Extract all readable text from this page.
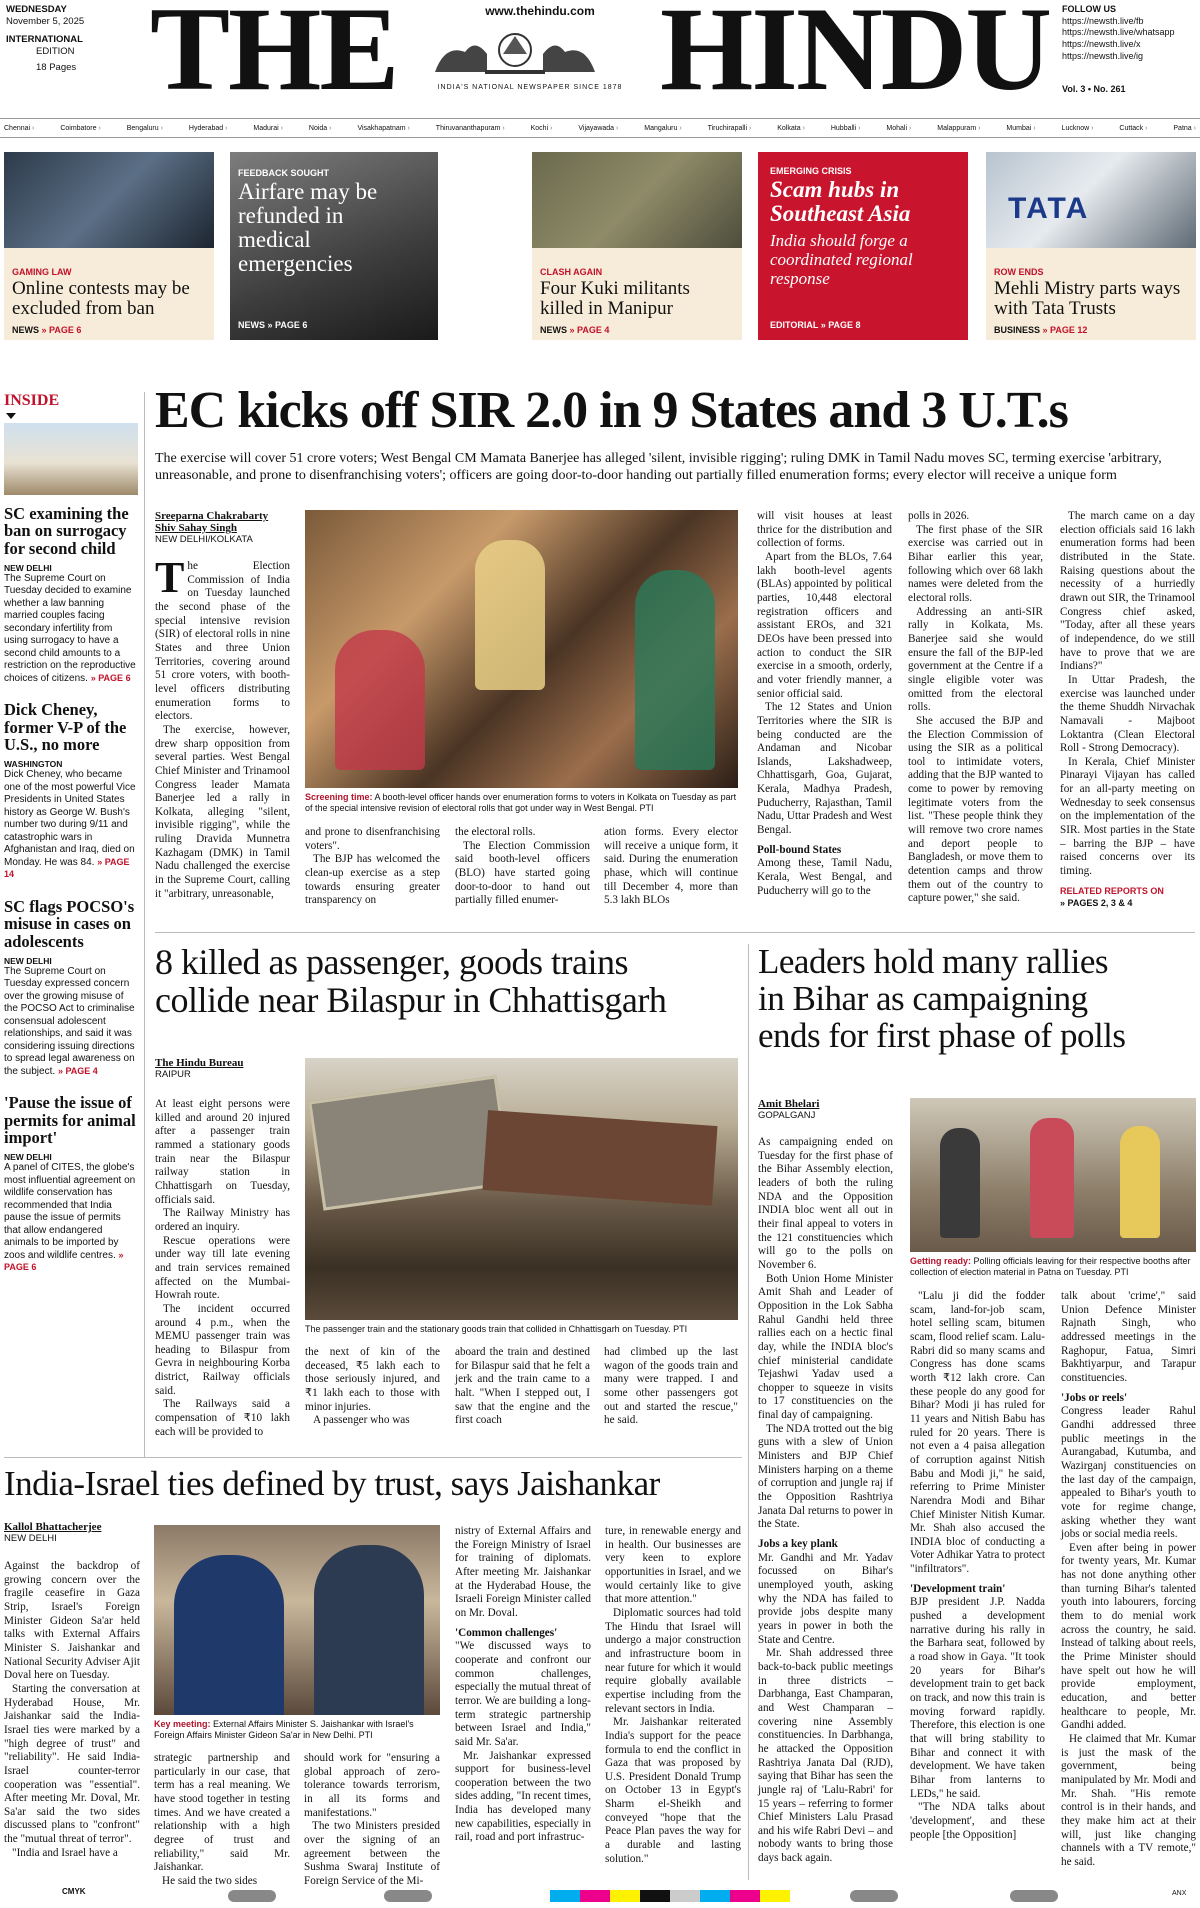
WEDNESDAY
November 5, 2025
INTERNATIONAL
EDITION
18 Pages THE HINDU
www.thehindu.com
INDIA'S NATIONAL NEWSPAPER SINCE 1878
FOLLOW US
https://newsth.live/fb
https://newsth.live/whatsapp
https://newsth.live/x
https://newsth.live/ig
Vol. 3 • No. 261
Chennai ›	Coimbatore ›	Bengaluru ›	Hyderabad ›	Madurai ›	Noida ›	Visakhapatnam ›	Thiruvananthapuram ›	Kochi ›	Vijayawada ›	Mangaluru ›	Tiruchirapalli ›	Kolkata ›	Hubballi ›	Mohali ›	Malappuram ›	Mumbai ›	Lucknow ›	Cuttack ›	Patna ›
GAMING LAW
Online contests may be excluded from ban
NEWS » PAGE 6
FEEDBACK SOUGHT
Airfare may be refunded in medical emergencies
NEWS » PAGE 6
CLASH AGAIN
Four Kuki militants killed in Manipur
NEWS » PAGE 4
EMERGING CRISIS
Scam hubs in Southeast Asia
India should forge a coordinated regional response
EDITORIAL » PAGE 8
TATA
ROW ENDS
Mehli Mistry parts ways with Tata Trusts
BUSINESS » PAGE 12
INSIDE
SC examining the ban on surrogacy for second child
NEW DELHI
The Supreme Court on Tuesday decided to examine whether a law banning married couples facing secondary infertility from using surrogacy to have a second child amounts to a restriction on the reproductive choices of citizens. » PAGE 6
Dick Cheney, former V-P of the U.S., no more
WASHINGTON
Dick Cheney, who became one of the most powerful Vice Presidents in United States history as George W. Bush's number two during 9/11 and catastrophic wars in Afghanistan and Iraq, died on Monday. He was 84. » PAGE 14
SC flags POCSO's misuse in cases on adolescents
NEW DELHI
The Supreme Court on Tuesday expressed concern over the growing misuse of the POCSO Act to criminalise consensual adolescent relationships, and said it was considering issuing directions to spread legal awareness on the subject. » PAGE 4
'Pause the issue of permits for animal import'
NEW DELHI
A panel of CITES, the globe's most influential agreement on wildlife conservation has recommended that India pause the issue of permits that allow endangered animals to be imported by zoos and wildlife centres. » PAGE 6
EC kicks off SIR 2.0 in 9 States and 3 U.T.s
The exercise will cover 51 crore voters; West Bengal CM Mamata Banerjee has alleged 'silent, invisible rigging'; ruling DMK in Tamil Nadu moves SC, terming exercise 'arbitrary, unreasonable, and prone to disenfranchising voters'; officers are going door-to-door handing out partially filled enumeration forms; every elector will receive a unique form
Sreeparna Chakrabarty
Shiv Sahay Singh
NEW DELHI/KOLKATA

The Election Commission of India on Tuesday launched the second phase of the special intensive revision (SIR) of electoral rolls in nine States and three Union Territories, covering around 51 crore voters, with booth-level officers distributing enumeration forms to electors.

The exercise, however, drew sharp opposition from several parties. West Bengal Chief Minister and Trinamool Congress leader Mamata Banerjee led a rally in Kolkata, alleging "silent, invisible rigging", while the ruling Dravida Munnetra Kazhagam (DMK) in Tamil Nadu challenged the exercise in the Supreme Court, calling it "arbitrary, unreasonable,

Screening time: A booth-level officer hands over enumeration forms to voters in Kolkata on Tuesday as part of the special intensive revision of electoral rolls that got under way in West Bengal. PTI

and prone to disenfranchising voters".

The BJP has welcomed the clean-up exercise as a step towards ensuring greater transparency on

the electoral rolls.

The Election Commission said booth-level officers (BLO) have started going door-to-door to hand out partially filled enumer-

ation forms. Every elector will receive a unique form, it said. During the enumeration phase, which will continue till December 4, more than 5.3 lakh BLOs

will visit houses at least thrice for the distribution and collection of forms.

Apart from the BLOs, 7.64 lakh booth-level agents (BLAs) appointed by political parties, 10,448 electoral registration officers and assistant EROs, and 321 DEOs have been pressed into action to conduct the SIR exercise in a smooth, orderly, and voter friendly manner, a senior official said.

The 12 States and Union Territories where the SIR is being conducted are the Andaman and Nicobar Islands, Lakshadweep, Chhattisgarh, Goa, Gujarat, Kerala, Madhya Pradesh, Puducherry, Rajasthan, Tamil Nadu, Uttar Pradesh and West Bengal.

Poll-bound States

Among these, Tamil Nadu, Kerala, West Bengal, and Puducherry will go to the

polls in 2026.

The first phase of the SIR exercise was carried out in Bihar earlier this year, following which over 68 lakh names were deleted from the electoral rolls.

Addressing an anti-SIR rally in Kolkata, Ms. Banerjee said she would ensure the fall of the BJP-led government at the Centre if a single eligible voter was omitted from the electoral rolls.

She accused the BJP and the Election Commission of using the SIR as a political tool to intimidate voters, adding that the BJP wanted to come to power by removing legitimate voters from the list. "These people think they will remove two crore names and deport people to Bangladesh, or move them to detention camps and throw them out of the country to capture power," she said.

The march came on a day election officials said 16 lakh enumeration forms had been distributed in the State. Raising questions about the necessity of a hurriedly drawn out SIR, the Trinamool Congress chief asked, "Today, after all these years of independence, do we still have to prove that we are Indians?"

In Uttar Pradesh, the exercise was launched under the theme Shuddh Nirvachak Namavali - Majboot Loktantra (Clean Electoral Roll - Strong Democracy).

In Kerala, Chief Minister Pinarayi Vijayan has called for an all-party meeting on Wednesday to seek consensus on the implementation of the SIR. Most parties in the State – barring the BJP – have raised concerns over its timing.

RELATED REPORTS ON
» PAGES 2, 3 & 4
8 killed as passenger, goods trains
collide near Bilaspur in Chhattisgarh
The Hindu Bureau
RAIPUR

At least eight persons were killed and around 20 injured after a passenger train rammed a stationary goods train near the Bilaspur railway station in Chhattisgarh on Tuesday, officials said.

The Railway Ministry has ordered an inquiry.

Rescue operations were under way till late evening and train services remained affected on the Mumbai-Howrah route.

The incident occurred around 4 p.m., when the MEMU passenger train was heading to Bilaspur from Gevra in neighbouring Korba district, Railway officials said.

The Railways said a compensation of ₹10 lakh each will be provided to

The passenger train and the stationary goods train that collided in Chhattisgarh on Tuesday. PTI

the next of kin of the deceased, ₹5 lakh each to those seriously injured, and ₹1 lakh each to those with minor injuries.

A passenger who was

aboard the train and destined for Bilaspur said that he felt a jerk and the train came to a halt. "When I stepped out, I saw that the engine and the first coach

had climbed up the last wagon of the goods train and many were trapped. I and some other passengers got out and started the rescue," he said.

Leaders hold many rallies
in Bihar as campaigning
ends for first phase of polls
Amit Bhelari
GOPALGANJ
Getting ready: Polling officials leaving for their respective booths after collection of election material in Patna on Tuesday. PTI

As campaigning ended on Tuesday for the first phase of the Bihar Assembly election, leaders of both the ruling NDA and the Opposition INDIA bloc went all out in their final appeal to voters in the 121 constituencies which will go to the polls on November 6.

Both Union Home Minister Amit Shah and Leader of Opposition in the Lok Sabha Rahul Gandhi held three rallies each on a hectic final day, while the INDIA bloc's chief ministerial candidate Tejashwi Yadav used a chopper to squeeze in visits to 17 constituencies on the final day of campaigning.

The NDA trotted out the big guns with a slew of Union Ministers and BJP Chief Ministers harping on a theme of corruption and jungle raj if the Opposition Rashtriya Janata Dal returns to power in the State.

Jobs a key plank

Mr. Gandhi and Mr. Yadav focussed on Bihar's unemployed youth, asking why the NDA has failed to provide jobs despite many years in power in both the State and Centre.

Mr. Shah addressed three back-to-back public meetings in three districts – Darbhanga, East Champaran, and West Champaran – covering nine Assembly constituencies. In Darbhanga, he attacked the Opposition Rashtriya Janata Dal (RJD), saying that Bihar has seen the jungle raj of 'Lalu-Rabri' for 15 years – referring to former Chief Ministers Lalu Prasad and his wife Rabri Devi – and nobody wants to bring those days back again.

"Lalu ji did the fodder scam, land-for-job scam, hotel selling scam, bitumen scam, flood relief scam. Lalu-Rabri did so many scams and Congress has done scams worth ₹12 lakh crore. Can these people do any good for Bihar? Modi ji has ruled for 11 years and Nitish Babu has ruled for 20 years. There is not even a 4 paisa allegation of corruption against Nitish Babu and Modi ji," he said, referring to Prime Minister Narendra Modi and Bihar Chief Minister Nitish Kumar. Mr. Shah also accused the INDIA bloc of conducting a Voter Adhikar Yatra to protect "infiltrators".

'Development train'

BJP president J.P. Nadda pushed a development narrative during his rally in the Barhara seat, followed by a road show in Gaya. "It took 20 years for Bihar's development train to get back on track, and now this train is moving forward rapidly. Therefore, this election is one that will bring stability to Bihar and connect it with development. We have taken Bihar from lanterns to LEDs," he said.

"The NDA talks about 'development', and these people [the Opposition]

talk about 'crime'," said Union Defence Minister Rajnath Singh, who addressed meetings in the Raghopur, Fatua, Simri Bakhtiyarpur, and Tarapur constituencies.

'Jobs or reels'

Congress leader Rahul Gandhi addressed three public meetings in the Aurangabad, Kutumba, and Wazirganj constituencies on the last day of the campaign, appealed to Bihar's youth to vote for regime change, asking whether they want jobs or social media reels.

Even after being in power for twenty years, Mr. Kumar has not done anything other than turning Bihar's talented youth into labourers, forcing them to do menial work across the country, he said. Instead of talking about reels, the Prime Minister should have spelt out how he will provide employment, education, and better healthcare to people, Mr. Gandhi added.

He claimed that Mr. Kumar is just the mask of the government, being manipulated by Mr. Modi and Mr. Shah. "His remote control is in their hands, and they make him act at their will, just like changing channels with a TV remote," he said.

India-Israel ties defined by trust, says Jaishankar
Kallol Bhattacherjee
NEW DELHI

Against the backdrop of growing concern over the fragile ceasefire in Gaza Strip, Israel's Foreign Minister Gideon Sa'ar held talks with External Affairs Minister S. Jaishankar and National Security Adviser Ajit Doval here on Tuesday.

Starting the conversation at Hyderabad House, Mr. Jaishankar said the India-Israel ties were marked by a "high degree of trust" and "reliability". He said India-Israel counter-terror cooperation was "essential". After meeting Mr. Doval, Mr. Sa'ar said the two sides discussed plans to "confront" the "mutual threat of terror".

"India and Israel have a

Key meeting: External Affairs Minister S. Jaishankar with Israel's Foreign Affairs Minister Gideon Sa'ar in New Delhi. PTI

strategic partnership and particularly in our case, that term has a real meaning. We have stood together in testing times. And we have created a relationship with a high degree of trust and reliability," said Mr. Jaishankar.

He said the two sides

should work for "ensuring a global approach of zero-tolerance towards terrorism, in all its forms and manifestations."

The two Ministers presided over the signing of an agreement between the Sushma Swaraj Institute of Foreign Service of the Mi-

nistry of External Affairs and the Foreign Ministry of Israel for training of diplomats. After meeting Mr. Jaishankar at the Hyderabad House, the Israeli Foreign Minister called on Mr. Doval.

'Common challenges'

"We discussed ways to cooperate and confront our common challenges, especially the mutual threat of terror. We are building a long-term strategic partnership between Israel and India," said Mr. Sa'ar.

Mr. Jaishankar expressed support for business-level cooperation between the two sides adding, "In recent times, India has developed many new capabilities, especially in rail, road and port infrastruc-

ture, in renewable energy and in health. Our businesses are very keen to explore opportunities in Israel, and we would certainly like to give that more attention."

Diplomatic sources had told The Hindu that Israel will undergo a major construction and infrastructure boom in near future for which it would require globally available expertise including from the relevant sectors in India.

Mr. Jaishankar reiterated India's support for the peace formula to end the conflict in Gaza that was proposed by U.S. President Donald Trump on October 13 in Egypt's Sharm el-Sheikh and conveyed "hope that the Peace Plan paves the way for a durable and lasting solution."

CMYK	ANX
